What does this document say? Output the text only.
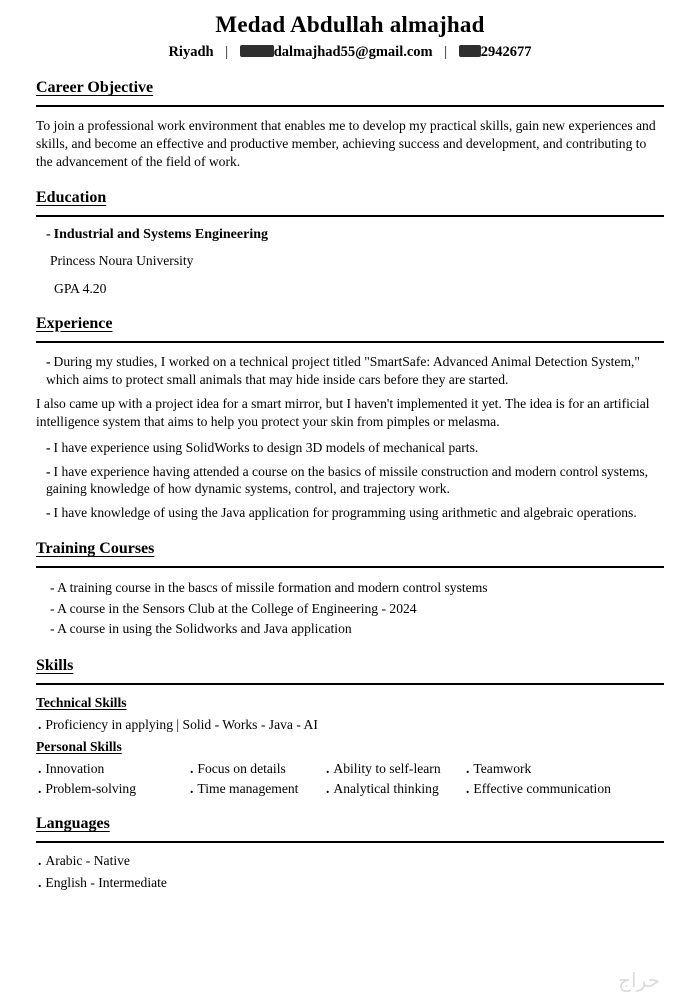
Medad Abdullah almajhad
Riyadh |	dalmajhad55@gmail.com | 2942677
Career Objective

To join a professional work environment that enables me to develop my practical skills, gain new experiences and skills, and become an effective and productive member, achieving success and development, and contributing to the advancement of the field of work.

Education
- Industrial and Systems Engineering
Princess Noura University
GPA 4.20
Experience

- During my studies, I worked on a technical project titled "SmartSafe: Advanced Animal Detection System," which aims to protect small animals that may hide inside cars before they are started.

I also came up with a project idea for a smart mirror, but I haven't implemented it yet. The idea is for an artificial intelligence system that aims to help you protect your skin from pimples or melasma.

- I have experience using SolidWorks to design 3D models of mechanical parts.

- I have experience having attended a course on the basics of missile construction and modern control systems, gaining knowledge of how dynamic systems, control, and trajectory work.

- I have knowledge of using the Java application for programming using arithmetic and algebraic operations.

Training Courses

- A training course in the bascs of missile formation and modern control systems

- A course in the Sensors Club at the College of Engineering - 2024

- A course in using the Solidworks and Java application

Skills
Technical Skills

. Proficiency in applying | Solid - Works - Java - AI

Personal Skills
. Innovation	. Focus on details	. Ability to self-learn	. Teamwork
. Problem-solving	. Time management	. Analytical thinking	. Effective communication
Languages

. Arabic - Native

. English - Intermediate

حراج
